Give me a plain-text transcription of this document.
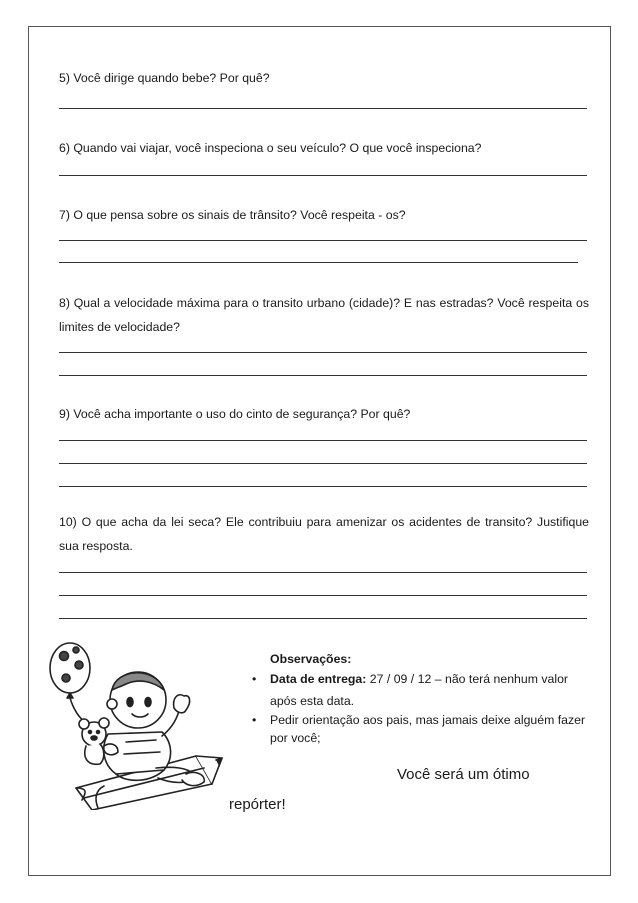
5) Você dirige quando bebe? Por quê?
6) Quando vai viajar, você inspeciona o seu veículo? O que você inspeciona?
7) O que pensa sobre os sinais de trânsito? Você respeita - os?
8) Qual a velocidade máxima para o transito urbano (cidade)? E nas estradas? Você respeita os limites de velocidade?
9) Você acha importante o uso do cinto de segurança? Por quê?
10) O que acha da lei seca? Ele contribuiu para amenizar os acidentes de transito? Justifique sua resposta.
Observações:
• Data de entrega: 27 / 09 / 12 – não terá nenhum valor após esta data.
• Pedir orientação aos pais, mas jamais deixe alguém fazer por você;
Você será um ótimo
repórter!
